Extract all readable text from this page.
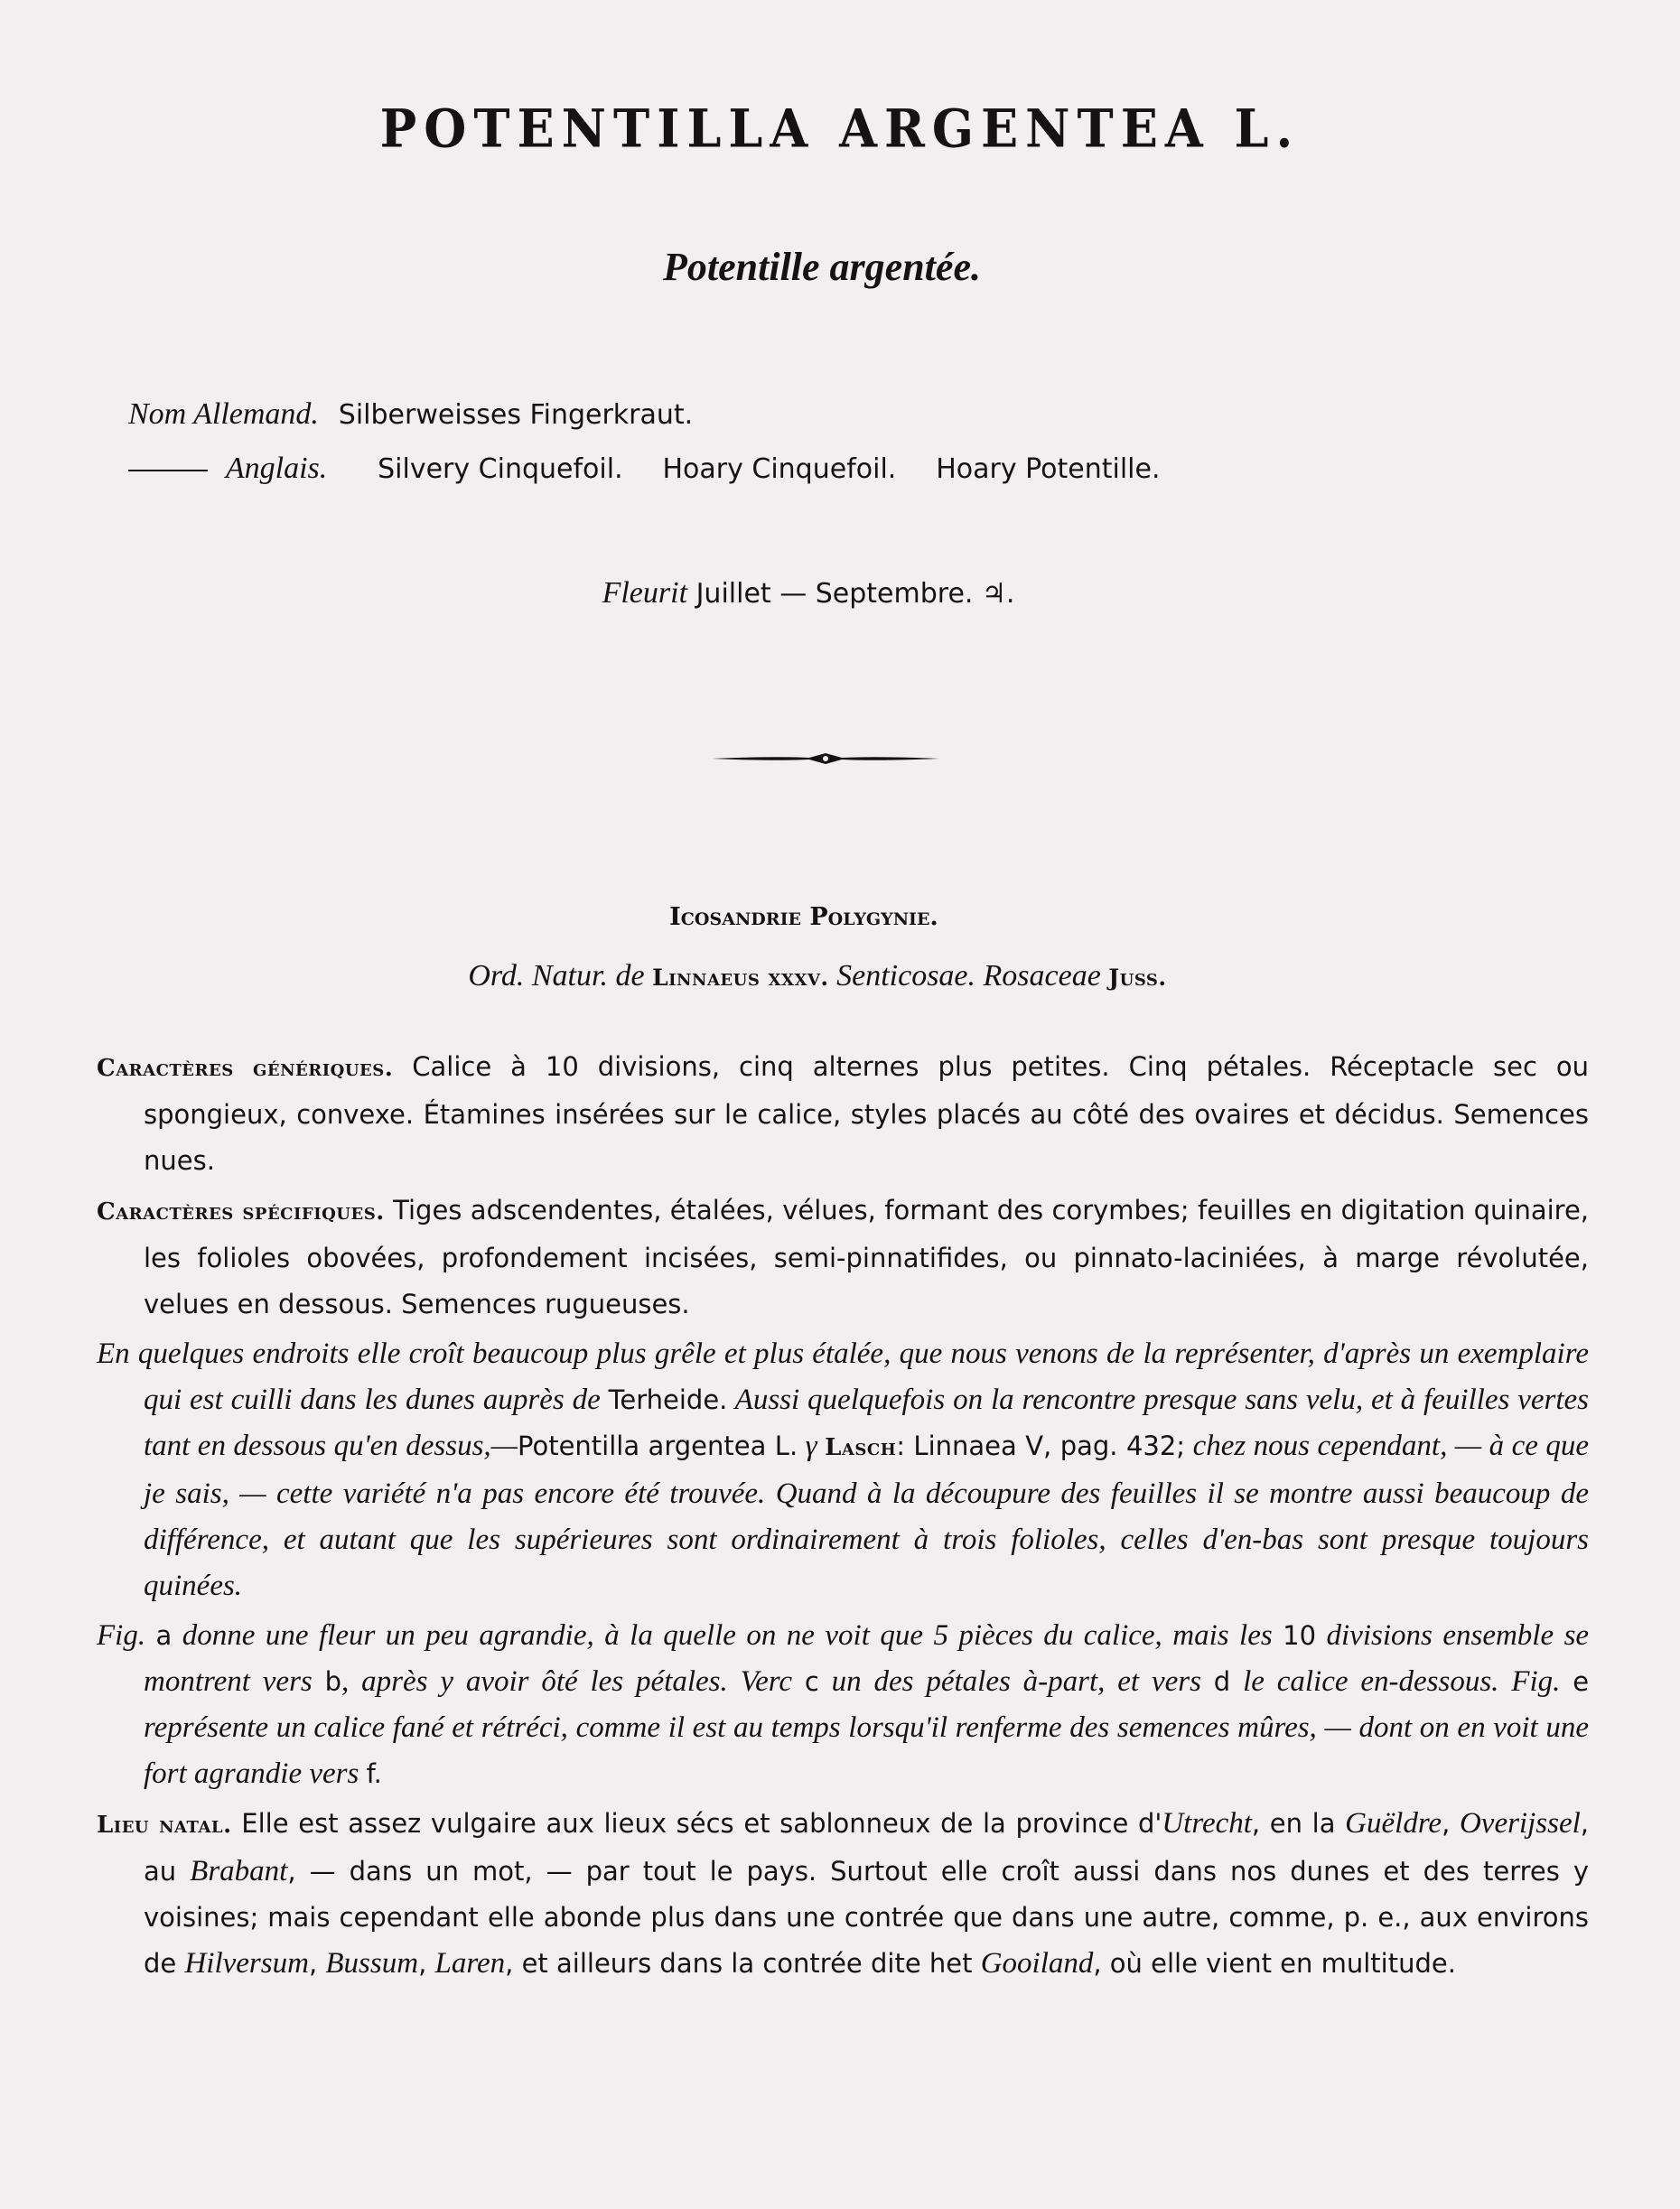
POTENTILLA ARGENTEA L.
Potentille argentée.
Nom Allemand. Silberweisses Fingerkraut.
Anglais. Silvery Cinquefoil. Hoary Cinquefoil. Hoary Potentille.
Fleurit Juillet — Septembre. ♃.
Icosandrie Polygynie.
Ord. Natur. de Linnaeus xxxv. Senticosae. Rosaceae Juss.

Caractères génériques. Calice à 10 divisions, cinq alternes plus petites. Cinq pétales. Réceptacle sec ou spongieux, convexe. Étamines insérées sur le calice, styles placés au côté des ovaires et décidus. Semences nues.

Caractères spécifiques. Tiges adscendentes, étalées, vélues, formant des corymbes; feuilles en digitation quinaire, les folioles obovées, profondement incisées, semi-pinnatifides, ou pinnato-laciniées, à marge révolutée, velues en dessous. Semences rugueuses.

En quelques endroits elle croît beaucoup plus grêle et plus étalée, que nous venons de la représenter, d'après un exemplaire qui est cuilli dans les dunes auprès de Terheide. Aussi quelquefois on la rencontre presque sans velu, et à feuilles vertes tant en dessous qu'en dessus,—Potentilla argentea L. γ Lasch: Linnaea V, pag. 432; chez nous cependant, — à ce que je sais, — cette variété n'a pas encore été trouvée. Quand à la découpure des feuilles il se montre aussi beaucoup de différence, et autant que les supérieures sont ordinairement à trois folioles, celles d'en-bas sont presque toujours quinées.

Fig. a donne une fleur un peu agrandie, à la quelle on ne voit que 5 pièces du calice, mais les 10 divisions ensemble se montrent vers b, après y avoir ôté les pétales. Verc c un des pétales à-part, et vers d le calice en-dessous. Fig. e représente un calice fané et rétréci, comme il est au temps lorsqu'il renferme des semences mûres, — dont on en voit une fort agrandie vers f.

Lieu natal. Elle est assez vulgaire aux lieux sécs et sablonneux de la province d'Utrecht, en la Guëldre, Overijssel, au Brabant, — dans un mot, — par tout le pays. Surtout elle croît aussi dans nos dunes et des terres y voisines; mais cependant elle abonde plus dans une contrée que dans une autre, comme, p. e., aux environs de Hilversum, Bussum, Laren, et ailleurs dans la contrée dite het Gooiland, où elle vient en multitude.
